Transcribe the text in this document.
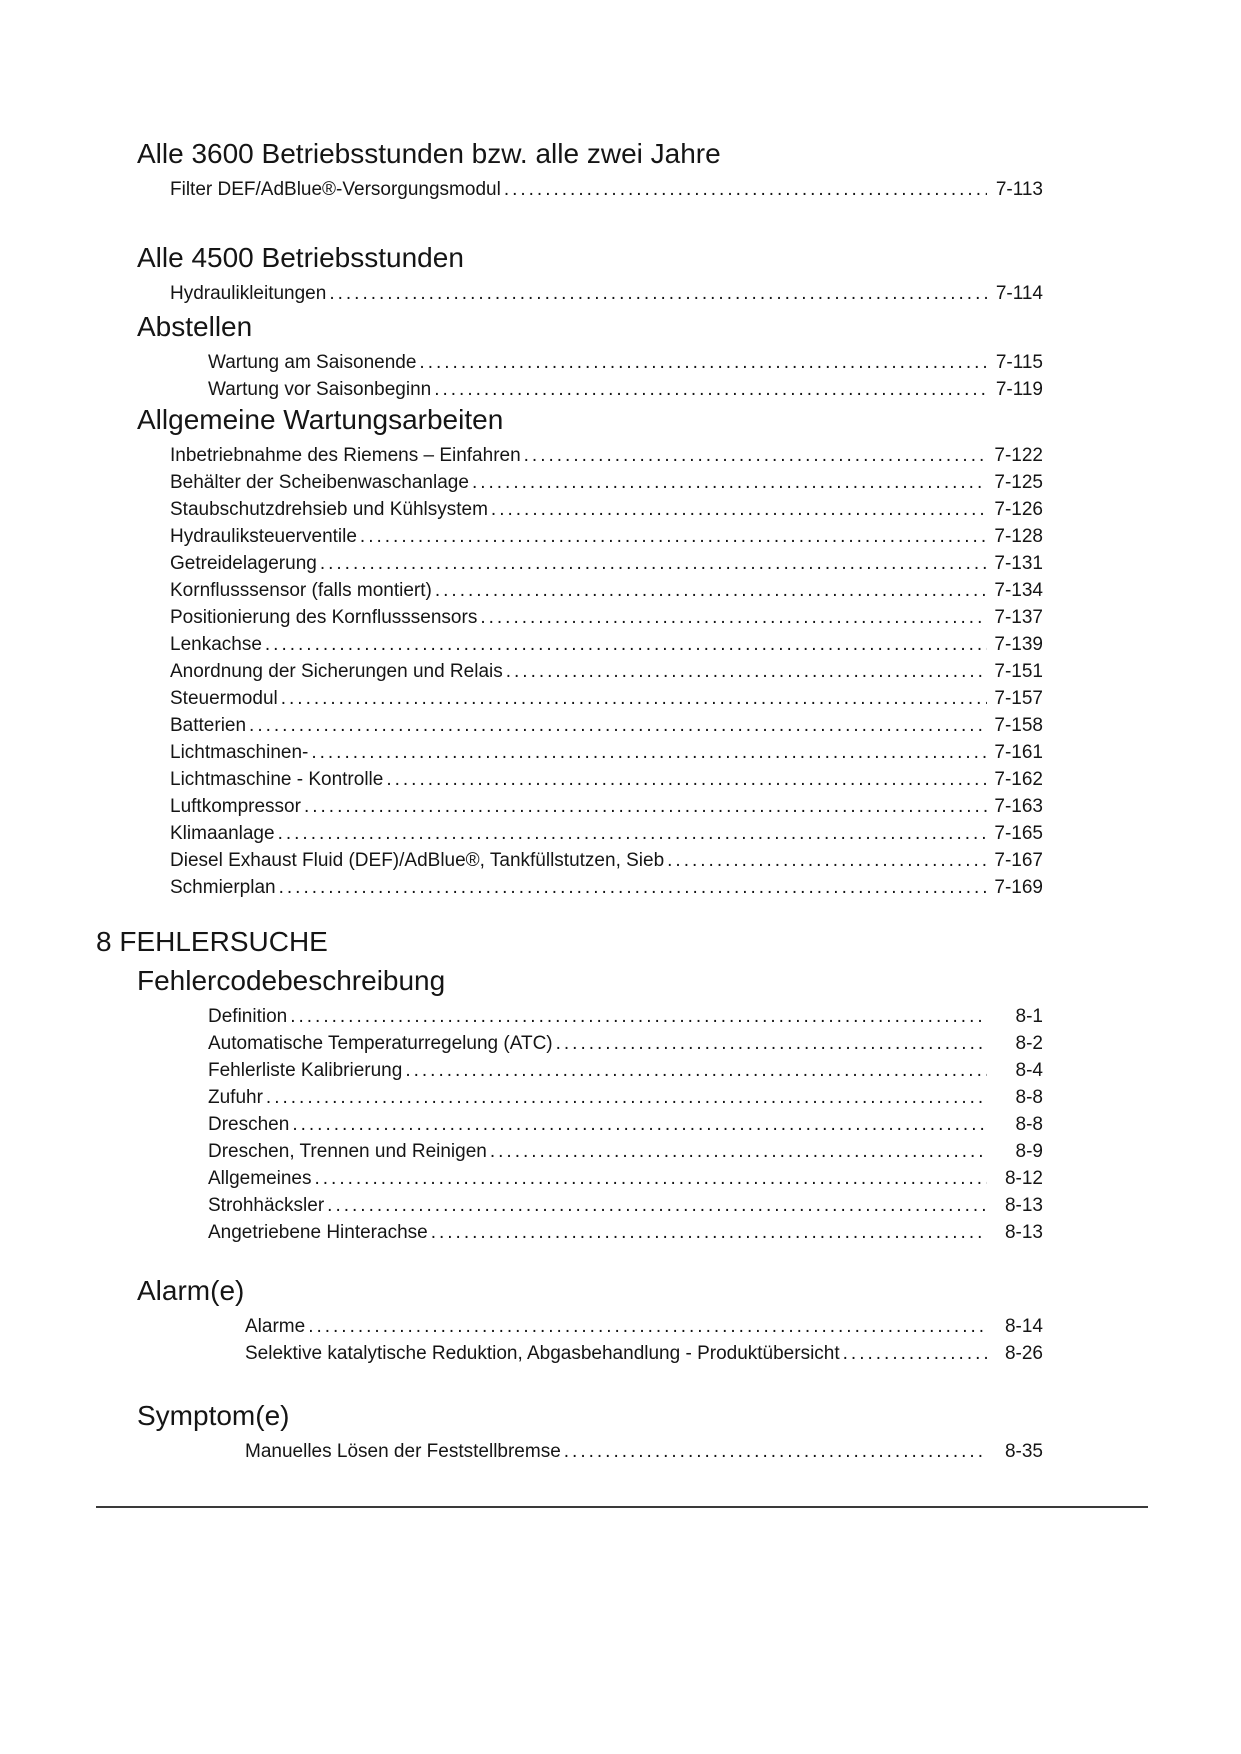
Alle 3600 Betriebsstunden bzw. alle zwei Jahre
Filter DEF/AdBlue®-Versorgungsmodul .....	7-113
Alle 4500 Betriebsstunden
Hydraulikleitungen .....	7-114
Abstellen
Wartung am Saisonende .....	7-115
Wartung vor Saisonbeginn .....	7-119
Allgemeine Wartungsarbeiten
Inbetriebnahme des Riemens – Einfahren .....	7-122
Behälter der Scheibenwaschanlage .....	7-125
Staubschutzdrehsieb und Kühlsystem .....	7-126
Hydrauliksteuerventile .....	7-128
Getreidelagerung .....	7-131
Kornflusssensor (falls montiert) .....	7-134
Positionierung des Kornflusssensors .....	7-137
Lenkachse .....	7-139
Anordnung der Sicherungen und Relais .....	7-151
Steuermodul .....	7-157
Batterien .....	7-158
Lichtmaschinen- .....	7-161
Lichtmaschine - Kontrolle .....	7-162
Luftkompressor .....	7-163
Klimaanlage .....	7-165
Diesel Exhaust Fluid (DEF)/AdBlue®, Tankfüllstutzen, Sieb .....	7-167
Schmierplan .....	7-169
8 FEHLERSUCHE
Fehlercodebeschreibung
Definition .....	8-1
Automatische Temperaturregelung (ATC) .....	8-2
Fehlerliste Kalibrierung .....	8-4
Zufuhr .....	8-8
Dreschen .....	8-8
Dreschen, Trennen und Reinigen .....	8-9
Allgemeines .....	8-12
Strohhäcksler .....	8-13
Angetriebene Hinterachse .....	8-13
Alarm(e)
Alarme .....	8-14
Selektive katalytische Reduktion, Abgasbehandlung - Produktübersicht .....	8-26
Symptom(e)
Manuelles Lösen der Feststellbremse .....	8-35
